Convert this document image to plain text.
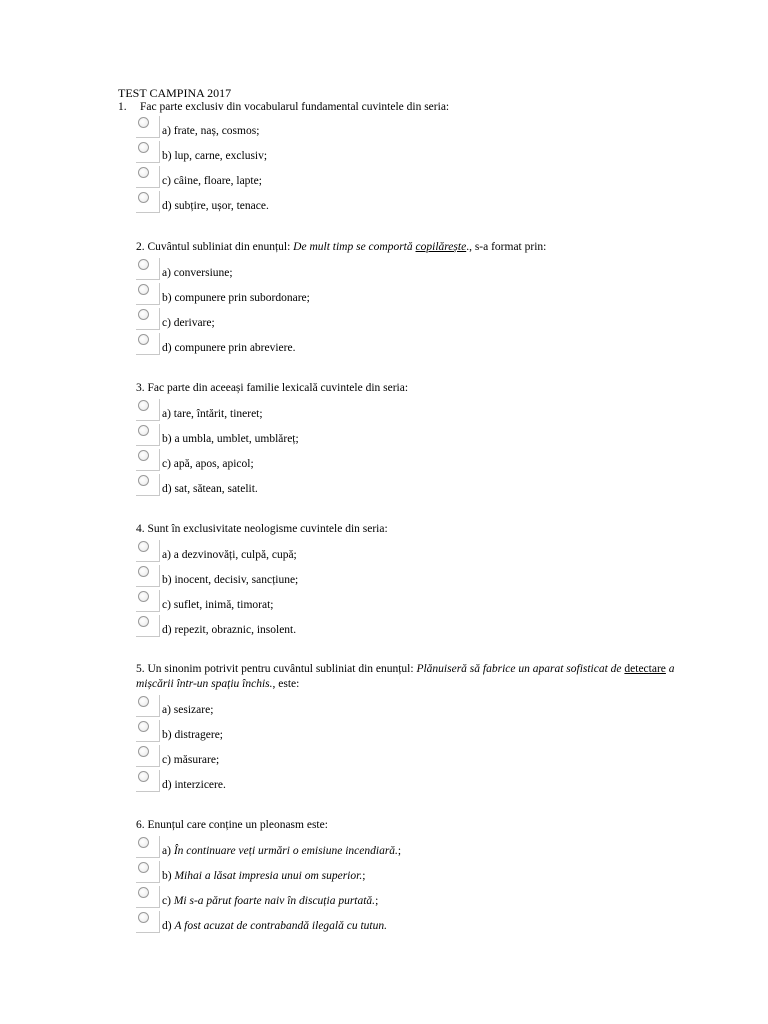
TEST CAMPINA 2017
1. Fac parte exclusiv din vocabularul fundamental cuvintele din seria:
a) frate, naș, cosmos;
b) lup, carne, exclusiv;
c) câine, floare, lapte;
d) subțire, ușor, tenace.
2. Cuvântul subliniat din enunțul: De mult timp se comportă copilărește., s-a format prin:
a) conversiune;
b) compunere prin subordonare;
c) derivare;
d) compunere prin abreviere.
3. Fac parte din aceeași familie lexicală cuvintele din seria:
a) tare, întărit, tineret;
b) a umbla, umblet, umblăreț;
c) apă, apos, apicol;
d) sat, sătean, satelit.
4. Sunt în exclusivitate neologisme cuvintele din seria:
a) a dezvinovăți, culpă, cupă;
b) inocent, decisiv, sancțiune;
c) suflet, inimă, timorat;
d) repezit, obraznic, insolent.
5. Un sinonim potrivit pentru cuvântul subliniat din enunțul: Plănuiseră să fabrice un aparat sofisticat de detectare a mișcării într-un spațiu închis., este:
a) sesizare;
b) distragere;
c) măsurare;
d) interzicere.
6. Enunțul care conține un pleonasm este:
a) În continuare veți urmări o emisiune incendiară.;
b) Mihai a lăsat impresia unui om superior.;
c) Mi s-a părut foarte naiv în discuția purtată.;
d) A fost acuzat de contrabandă ilegală cu tutun.
